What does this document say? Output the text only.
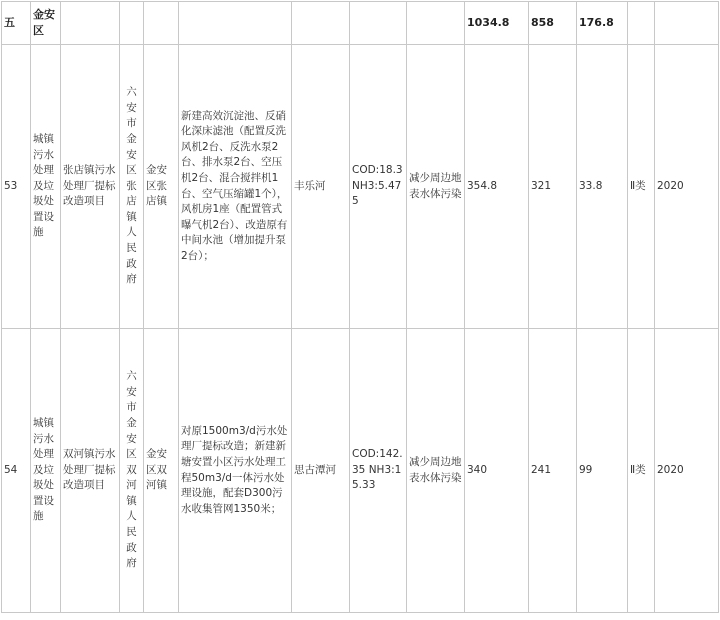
五	金安区								1034.8	858	176.8		
53	城镇污水处理及垃圾处置设施	张店镇污水处理厂提标改造项目	六安市金安区张店镇人民政府	金安区张店镇	新建高效沉淀池、反硝化深床滤池（配置反洗风机2台、反洗水泵2台、排水泵2台、空压机2台、混合搅拌机1台、空气压缩罐1个），风机房1座（配置管式曝气机2台）、改造原有中间水池（增加提升泵2台）；	丰乐河	COD:18.3 NH3:5.475	减少周边地表水体污染	354.8	321	33.8	Ⅱ类	2020
54	城镇污水处理及垃圾处置设施	双河镇污水处理厂提标改造项目	六安市金安区双河镇人民政府	金安区双河镇	对原1500m3/d污水处理厂提标改造；新建新塘安置小区污水处理工程50m3/d一体污水处理设施，配套D300污水收集管网1350米；	思古潭河	COD:142.35 NH3:15.33	减少周边地表水体污染	340	241	99	Ⅱ类	2020
